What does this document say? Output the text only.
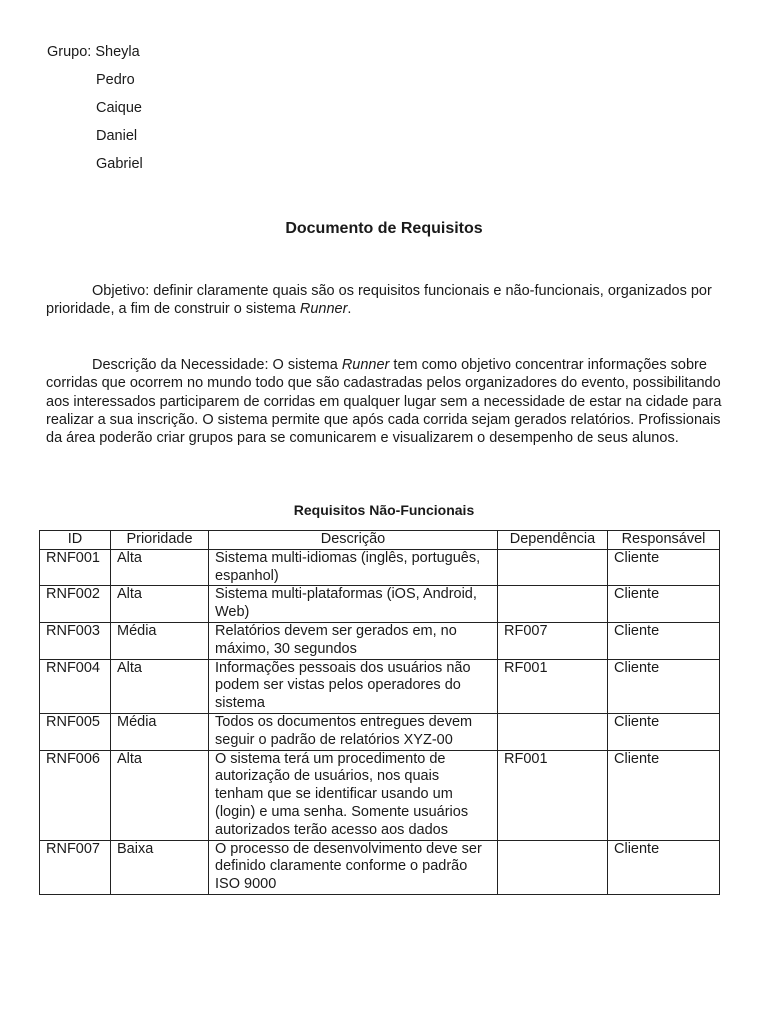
Grupo: Sheyla
Pedro
Caique
Daniel
Gabriel
Documento de Requisitos
Objetivo: definir claramente quais são os requisitos funcionais e não-funcionais, organizados por prioridade, a fim de construir o sistema Runner.
Descrição da Necessidade: O sistema Runner tem como objetivo concentrar informações sobre corridas que ocorrem no mundo todo que são cadastradas pelos organizadores do evento, possibilitando aos interessados participarem de corridas em qualquer lugar sem a necessidade de estar na cidade para realizar a sua inscrição. O sistema permite que após cada corrida sejam gerados relatórios. Profissionais da área poderão criar grupos para se comunicarem e visualizarem o desempenho de seus alunos.
Requisitos Não-Funcionais
ID	Prioridade	Descrição	Dependência	Responsável
RNF001	Alta	Sistema multi-idiomas (inglês, português, espanhol)		Cliente
RNF002	Alta	Sistema multi-plataformas (iOS, Android, Web)		Cliente
RNF003	Média	Relatórios devem ser gerados em, no máximo, 30 segundos	RF007	Cliente
RNF004	Alta	Informações pessoais dos usuários não podem ser vistas pelos operadores do sistema	RF001	Cliente
RNF005	Média	Todos os documentos entregues devem seguir o padrão de relatórios XYZ-00		Cliente
RNF006	Alta	O sistema terá um procedimento de autorização de usuários, nos quais tenham que se identificar usando um (login) e uma senha. Somente usuários autorizados terão acesso aos dados	RF001	Cliente
RNF007	Baixa	O processo de desenvolvimento deve ser definido claramente conforme o padrão ISO 9000		Cliente
